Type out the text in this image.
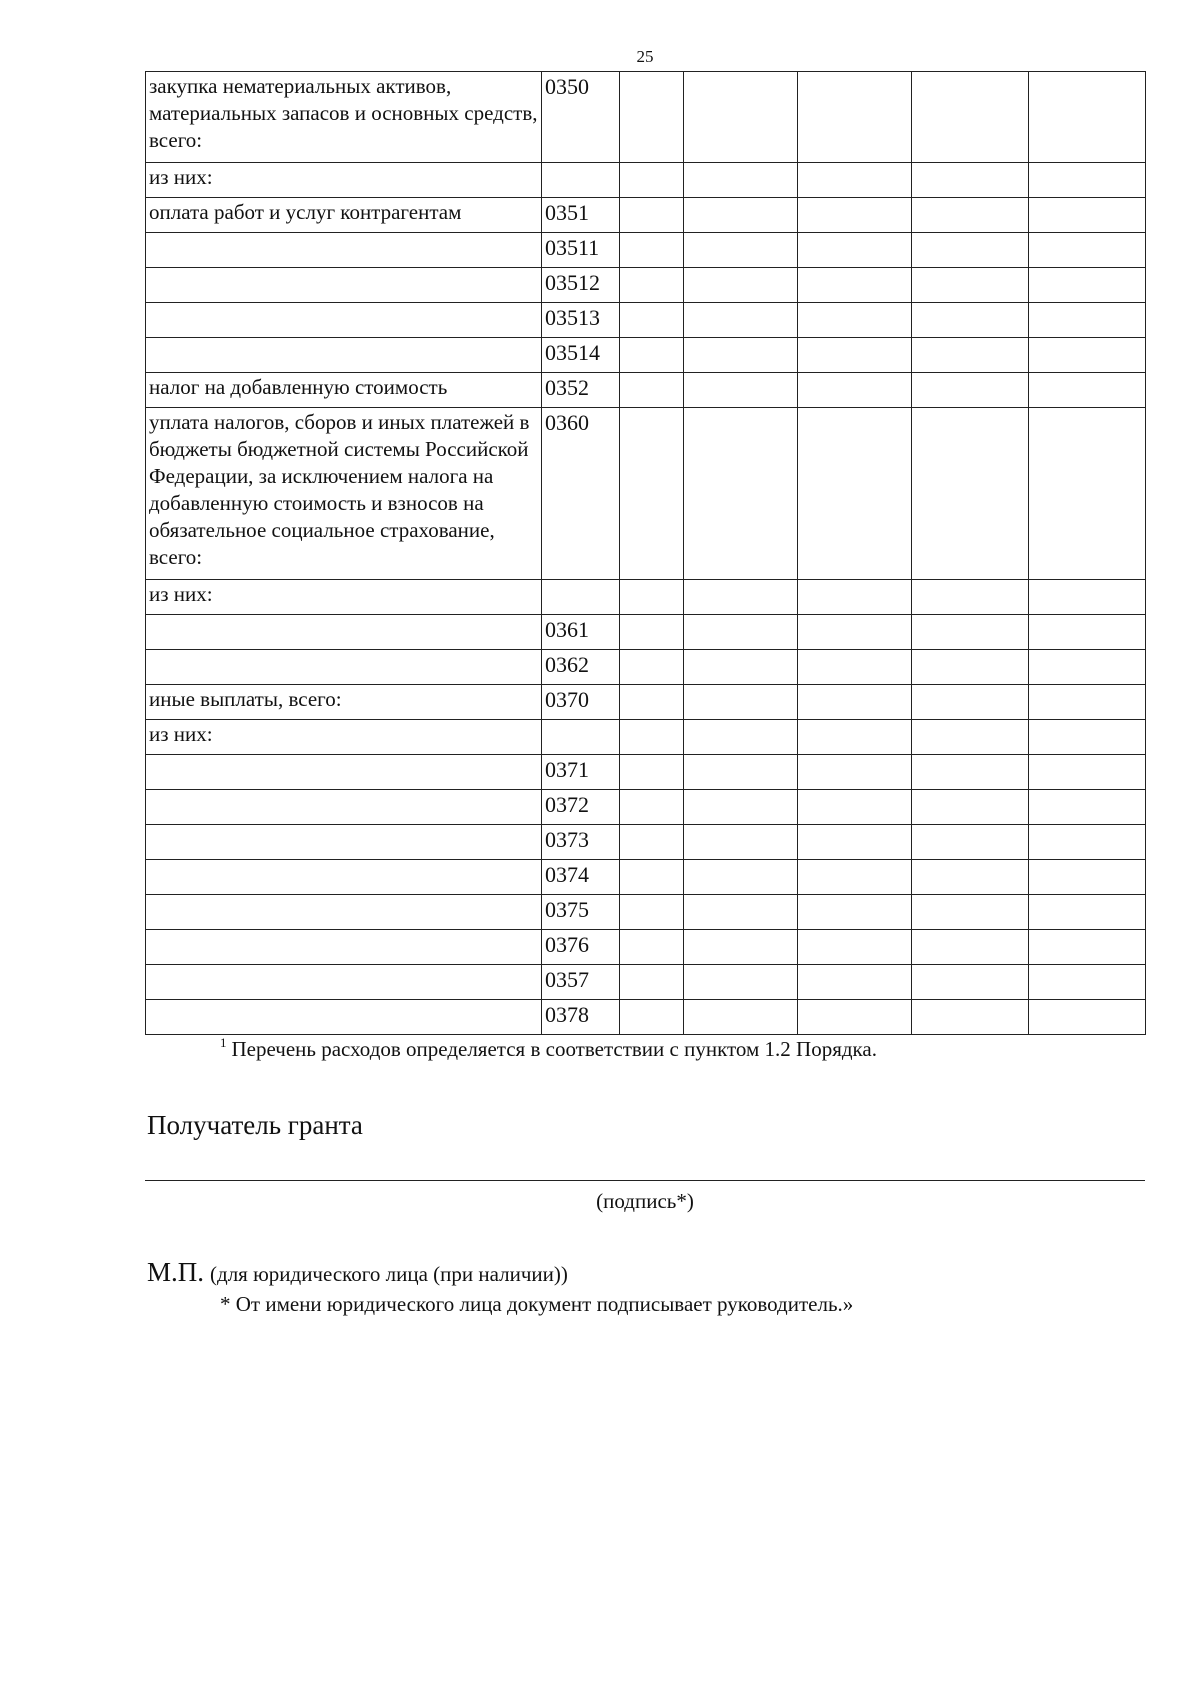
25
закупка нематериальных активов, материальных запасов и основных средств, всего:	0350					
из них:						
оплата работ и услуг контрагентам	0351					
	03511					
	03512					
	03513					
	03514					
налог на добавленную стоимость	0352					
уплата налогов, сборов и иных платежей в бюджеты бюджетной системы Российской Федерации, за исключением налога на добавленную стоимость и взносов на обязательное социальное страхование, всего:	0360					
из них:						
	0361					
	0362					
иные выплаты, всего:	0370					
из них:						
	0371					
	0372					
	0373					
	0374					
	0375					
	0376					
	0357					
	0378					
$^1$ Перечень расходов определяется в соответствии с пунктом 1.2 Порядка.
Получатель гранта
(подпись*)
М.П. (для юридического лица (при наличии))
* От имени юридического лица документ подписывает руководитель.»
